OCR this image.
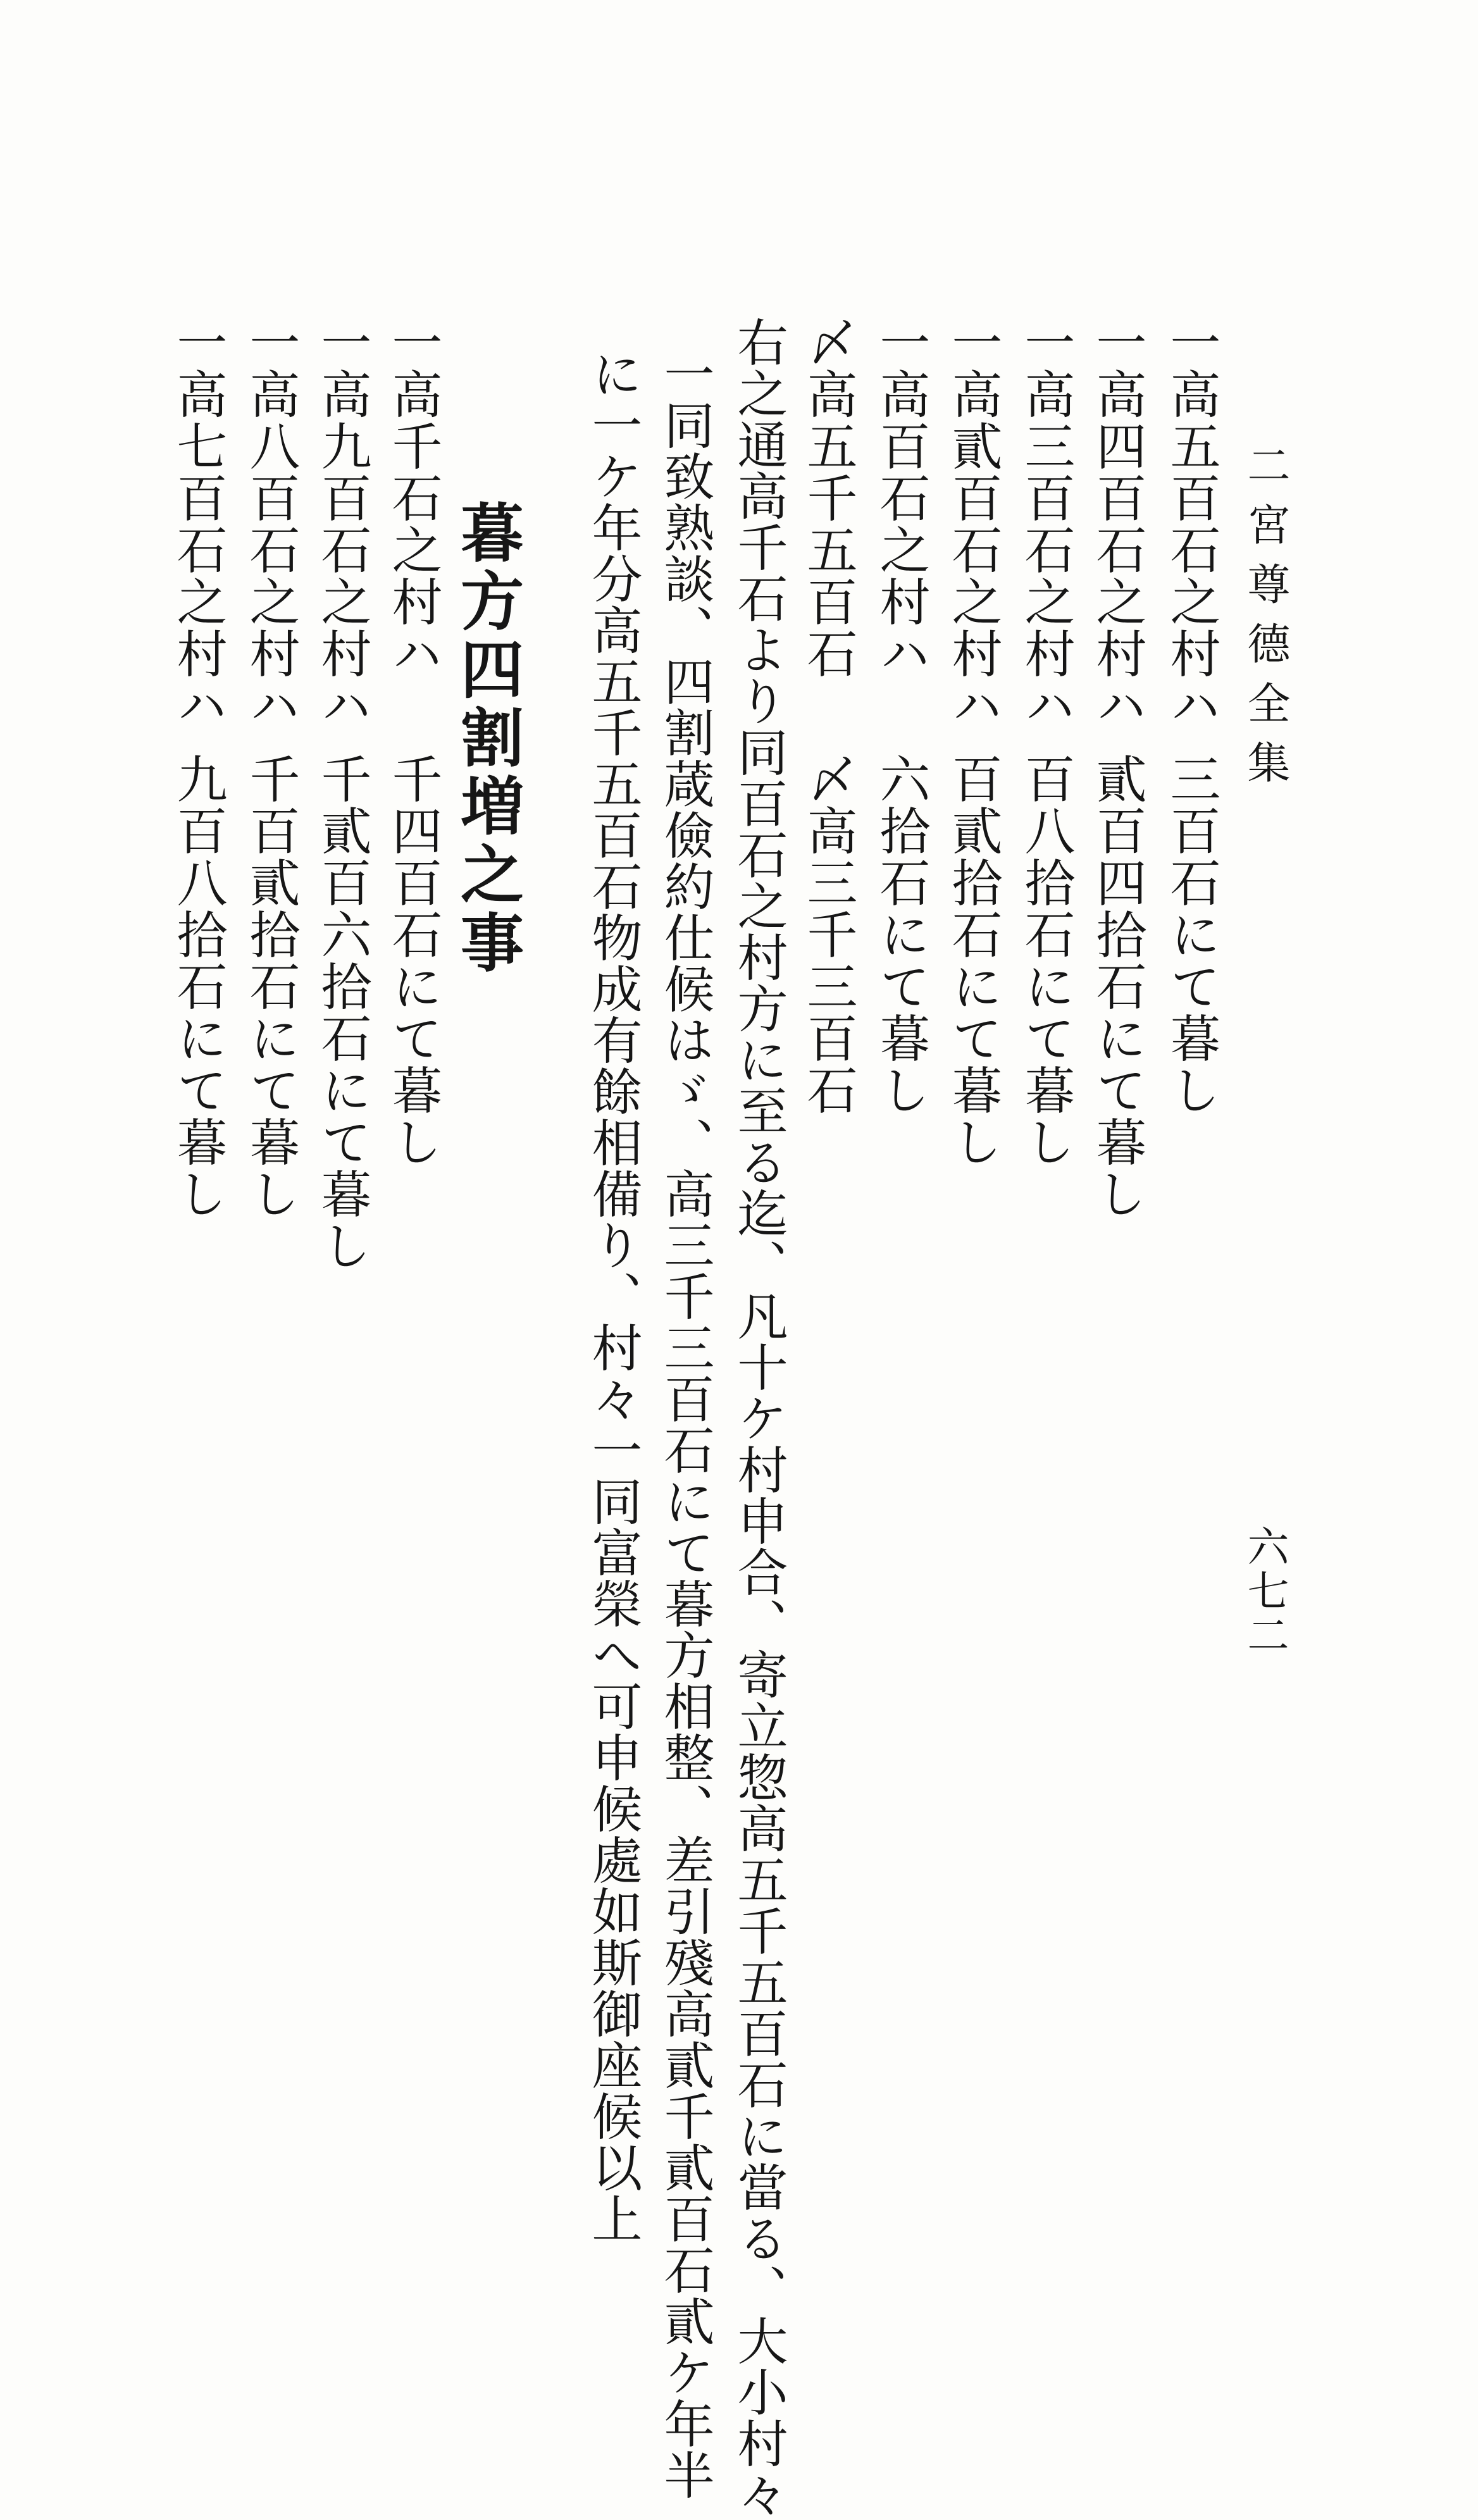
二宮尊德全集
六七二
一高五百石之村ハ
三百石にて暮し
一高四百石之村ハ
貳百四拾石にて暮し
一高三百石之村ハ
百八拾石にて暮し
一高貳百石之村ハ
百貳拾石にて暮し
一高百石之村ハ
六拾石にて暮し
〆高五千五百石
〆高三千三百石
右之通高千石より同百石之村方に至る迄、凡十ケ村申合、寄立惣高五千五百石に當る、大小村々
一同致熟談、四割葴儉約仕候はゞ、高三千三百石にて暮方相整、差引殘高貳千貳百石貳ケ年半
に一ケ年分高五千五百石物成有餘相備り、村々一同富榮へ可申候處如斯御座候以上
暮方四割増之事
一高千石之村ハ
千四百石にて暮し
一高九百石之村ハ
千貳百六拾石にて暮し
一高八百石之村ハ
千百貳拾石にて暮し
一高七百石之村ハ
九百八拾石にて暮し
